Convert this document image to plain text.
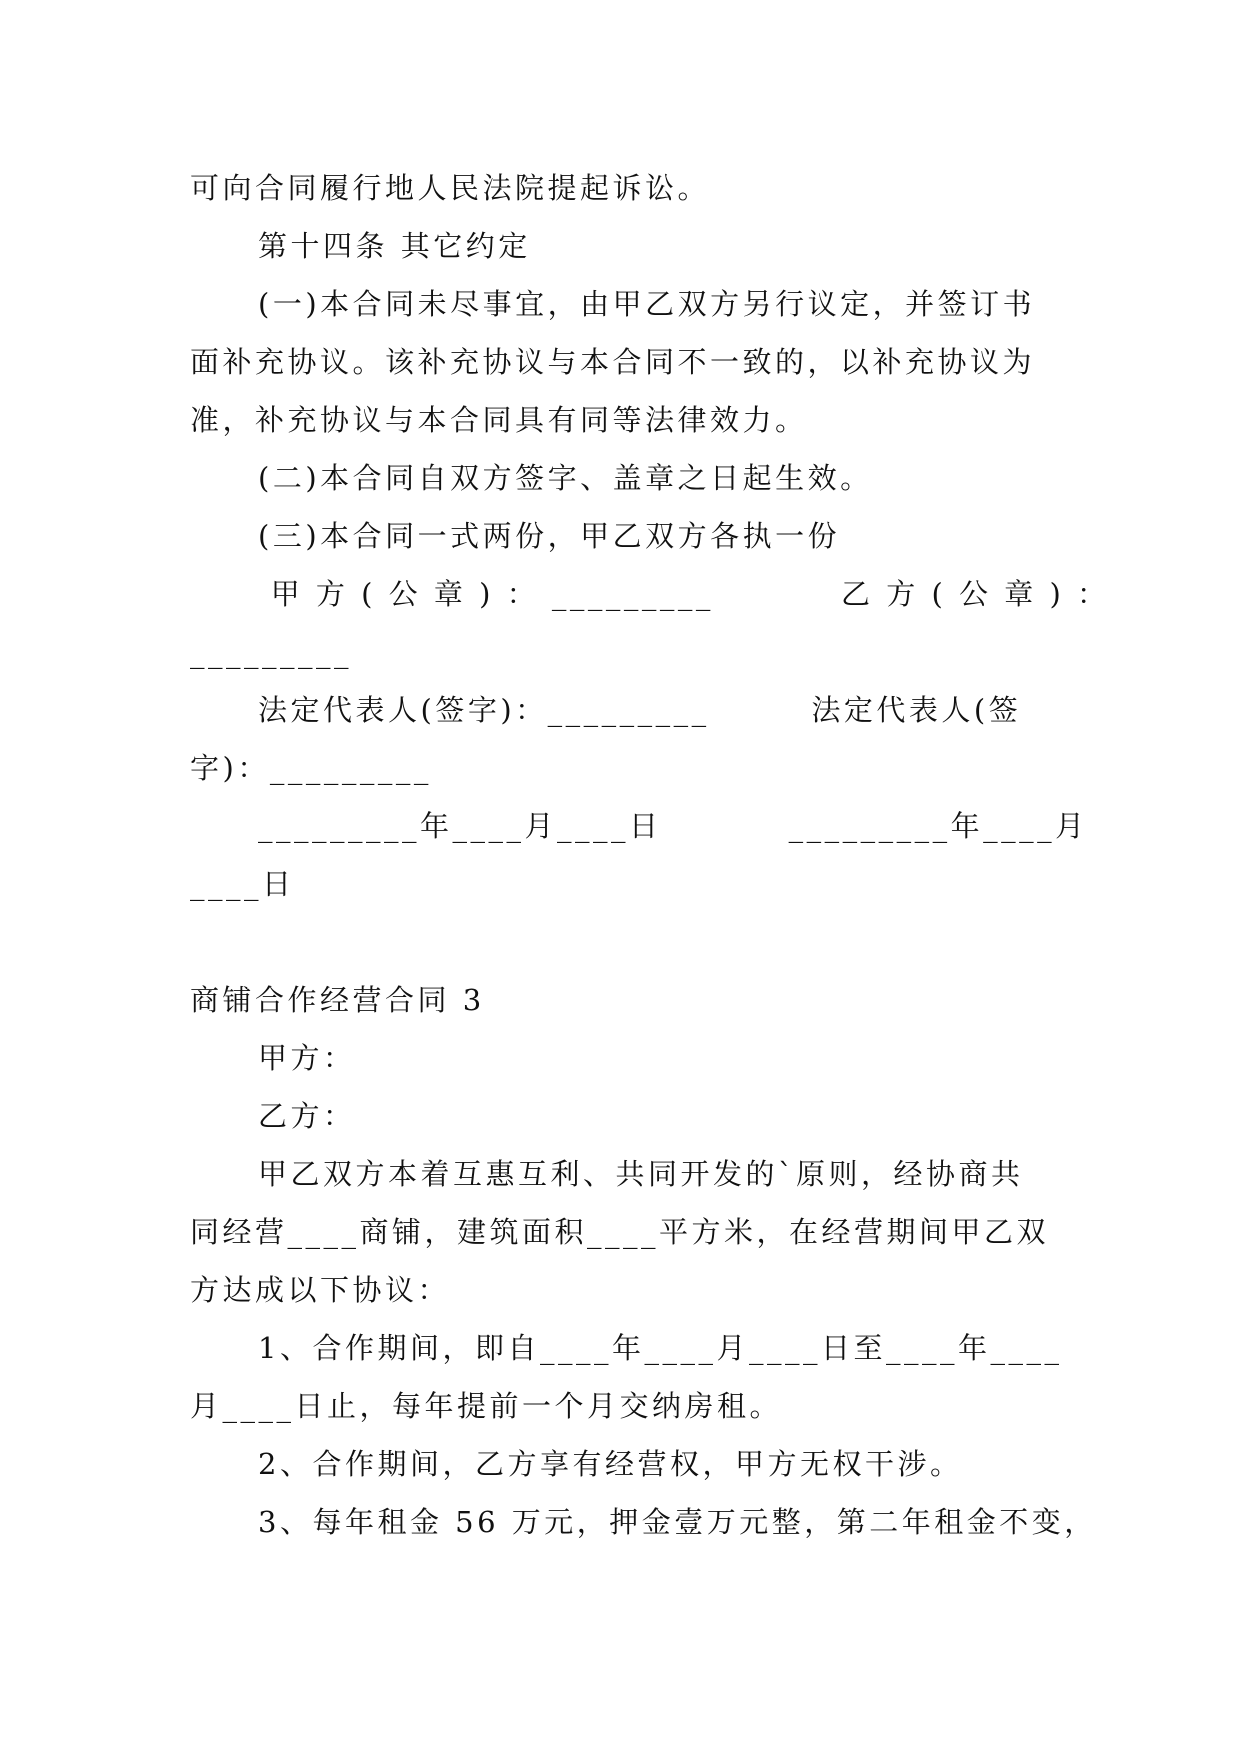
可向合同履行地人民法院提起诉讼。
第十四条 其它约定
(一)本合同未尽事宜，由甲乙双方另行议定，并签订书
面补充协议。该补充协议与本合同不一致的，以补充协议为
准，补充协议与本合同具有同等法律效力。
(二)本合同自双方签字、盖章之日起生效。
(三)本合同一式两份，甲乙双方各执一份
甲 方 ( 公 章 ) ： _________          乙 方 ( 公 章 ) ：
_________
法定代表人(签字)：_________        法定代表人(签
字)：_________
_________年____月____日          _________年____月
____日
商铺合作经营合同 3
甲方：
乙方：
甲乙双方本着互惠互利、共同开发的`原则，经协商共
同经营____商铺，建筑面积____平方米，在经营期间甲乙双
方达成以下协议：
1、合作期间，即自____年____月____日至____年____
月____日止，每年提前一个月交纳房租。
2、合作期间，乙方享有经营权，甲方无权干涉。
3、每年租金 56 万元，押金壹万元整，第二年租金不变，
